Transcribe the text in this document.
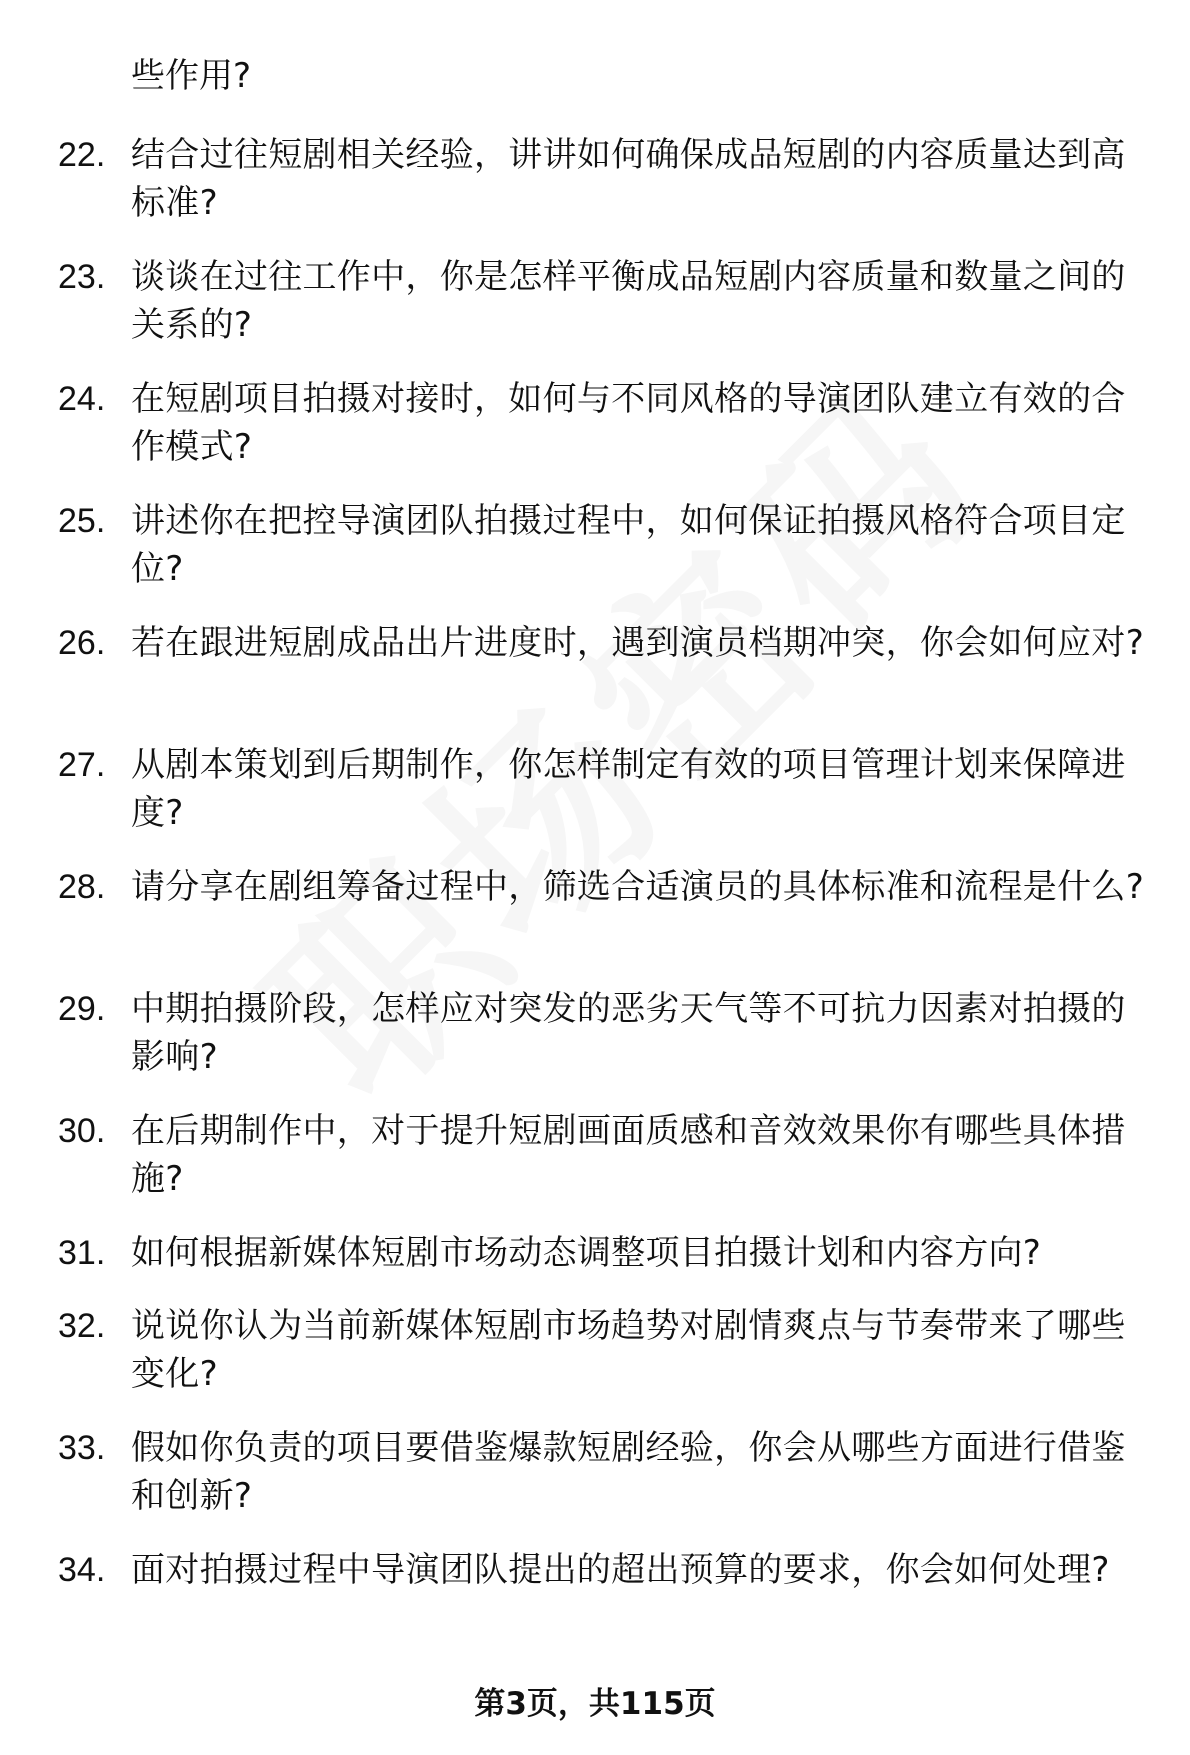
些作用?
22. 结合过往短剧相关经验，讲讲如何确保成品短剧的内容质量达到高标准?
23. 谈谈在过往工作中，你是怎样平衡成品短剧内容质量和数量之间的关系的?
24. 在短剧项目拍摄对接时，如何与不同风格的导演团队建立有效的合作模式?
25. 讲述你在把控导演团队拍摄过程中，如何保证拍摄风格符合项目定位?
26. 若在跟进短剧成品出片进度时，遇到演员档期冲突，你会如何应对?
27. 从剧本策划到后期制作，你怎样制定有效的项目管理计划来保障进度?
28. 请分享在剧组筹备过程中，筛选合适演员的具体标准和流程是什么?
29. 中期拍摄阶段，怎样应对突发的恶劣天气等不可抗力因素对拍摄的影响?
30. 在后期制作中，对于提升短剧画面质感和音效效果你有哪些具体措施?
31. 如何根据新媒体短剧市场动态调整项目拍摄计划和内容方向?
32. 说说你认为当前新媒体短剧市场趋势对剧情爽点与节奏带来了哪些变化?
33. 假如你负责的项目要借鉴爆款短剧经验，你会从哪些方面进行借鉴和创新?
34. 面对拍摄过程中导演团队提出的超出预算的要求，你会如何处理?
第3页，共115页
